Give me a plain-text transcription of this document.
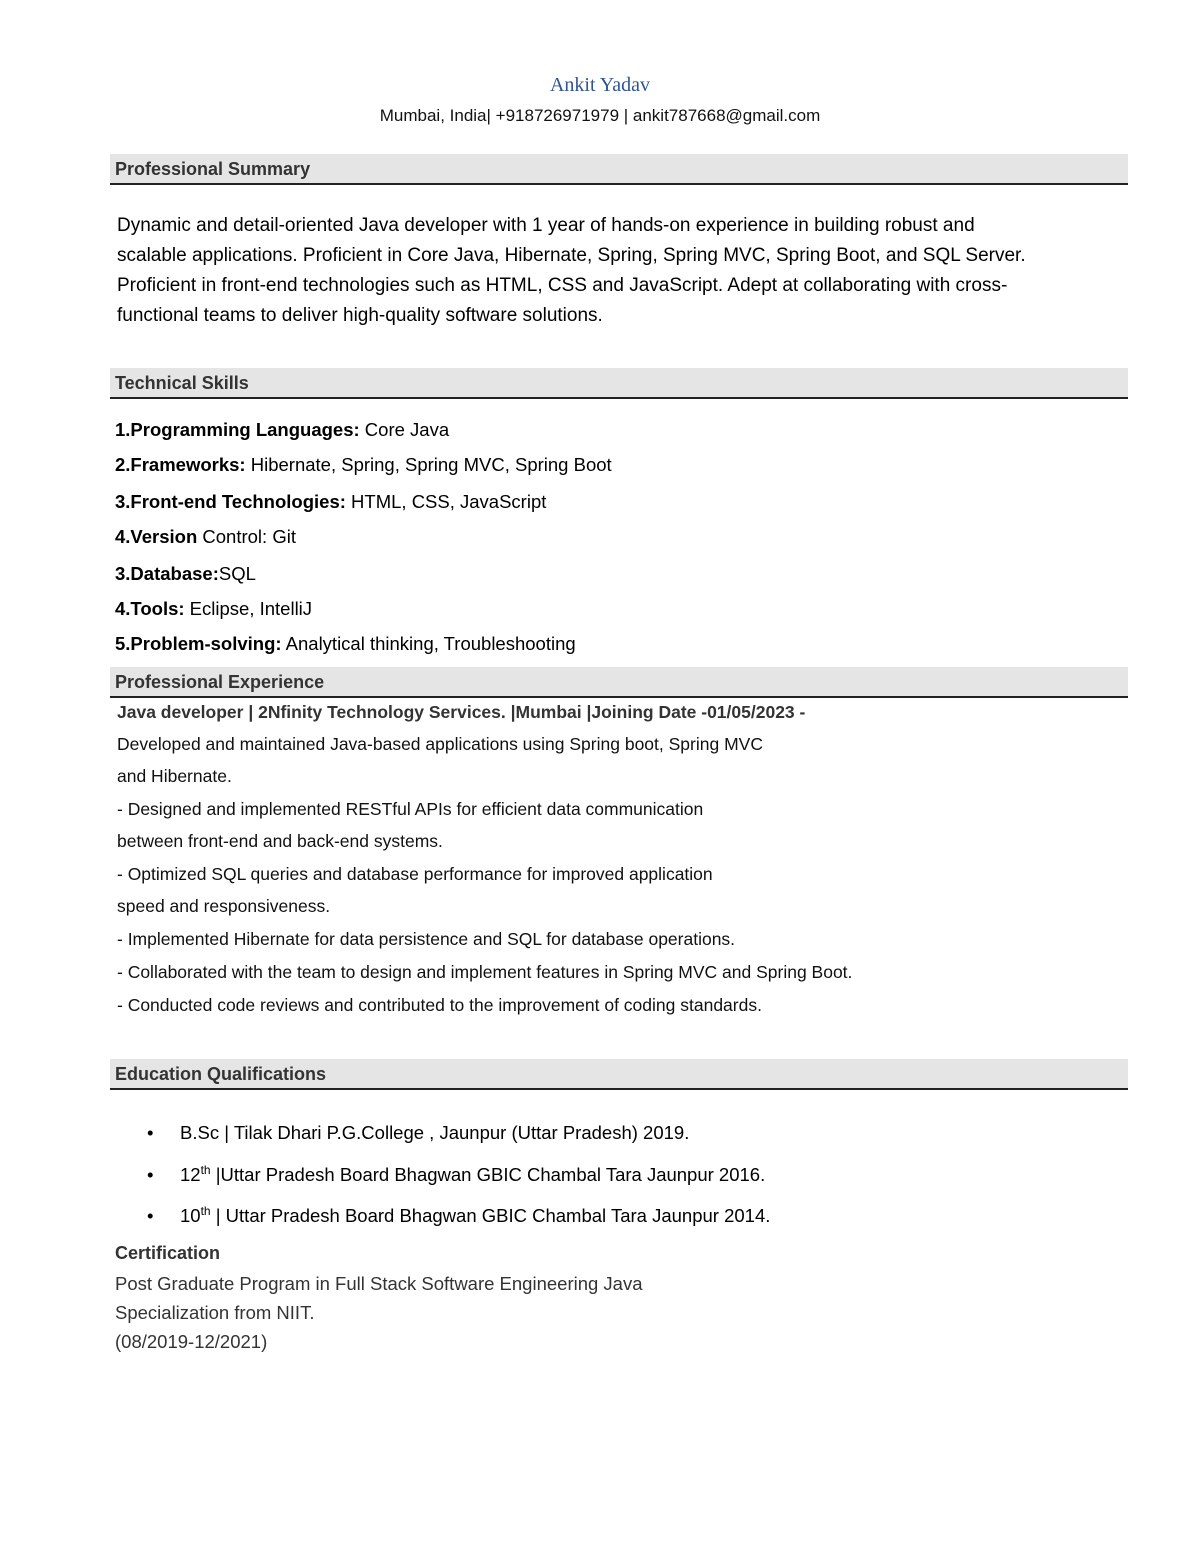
Ankit Yadav
Mumbai, India| +918726971979 | ankit787668@gmail.com
Professional Summary
Dynamic and detail-oriented Java developer with 1 year of hands-on experience in building robust and
scalable applications. Proficient in Core Java, Hibernate, Spring, Spring MVC, Spring Boot, and SQL Server.
Proficient in front-end technologies such as HTML, CSS and JavaScript. Adept at collaborating with cross-
functional teams to deliver high-quality software solutions.
Technical Skills
1.Programming Languages: Core Java
2.Frameworks: Hibernate, Spring, Spring MVC, Spring Boot
3.Front-end Technologies: HTML, CSS, JavaScript
4.Version Control: Git
3.Database:SQL
4.Tools: Eclipse, IntelliJ
5.Problem-solving: Analytical thinking, Troubleshooting
Professional Experience
Java developer | 2Nfinity Technology Services. |Mumbai |Joining Date -01/05/2023 -
Developed and maintained Java-based applications using Spring boot, Spring MVC
and Hibernate.
- Designed and implemented RESTful APIs for efficient data communication
between front-end and back-end systems.
- Optimized SQL queries and database performance for improved application
speed and responsiveness.
- Implemented Hibernate for data persistence and SQL for database operations.
- Collaborated with the team to design and implement features in Spring MVC and Spring Boot.
- Conducted code reviews and contributed to the improvement of coding standards.
Education Qualifications
• B.Sc | Tilak Dhari P.G.College , Jaunpur (Uttar Pradesh) 2019.
• 12th |Uttar Pradesh Board Bhagwan GBIC Chambal Tara Jaunpur 2016.
• 10th | Uttar Pradesh Board Bhagwan GBIC Chambal Tara Jaunpur 2014.
Certification
Post Graduate Program in Full Stack Software Engineering Java
Specialization from NIIT.
(08/2019-12/2021)
